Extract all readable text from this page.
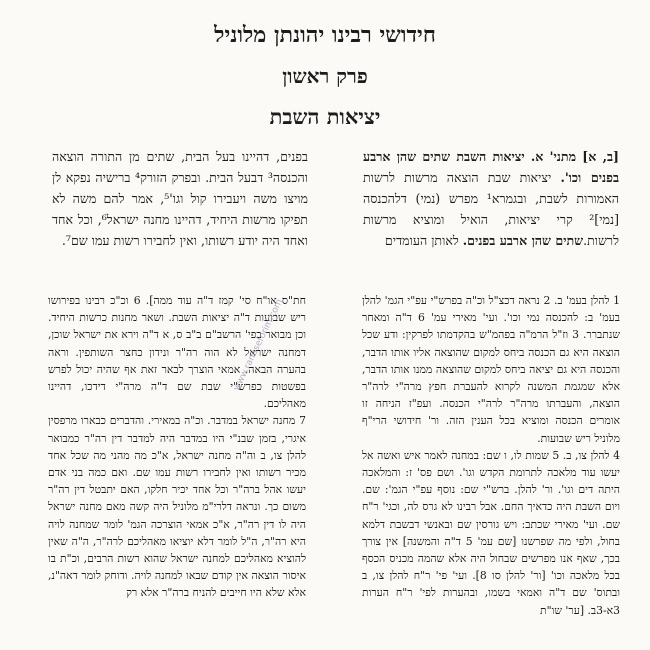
חידושי רבינו יהונתן מלוניל
פרק ראשון
יציאות השבת

[ב, א] מתני' א. יציאות השבת שתים שהן ארבע בפנים וכו'. יציאות שבת הוצאה מרשות לרשות האמורות לשבת, ובגמרא¹ מפרש (נמי) דלהכנסה [נמי]² קרי יציאות, הואיל ומוציא מרשות לרשות.שתים שהן ארבע בפנים. לאותן העומדים

בפנים, דהיינו בעל הבית, שתים מן התורה הוצאה והכנסה³ דבעל הבית. ובפרק הזורק⁴ ברישיה נפקא לן מויצו משה ויעבירו קול וגו'⁵, אמר להם משה לא תפיקו מרשות היחיד, דהיינו מחנה ישראל⁶, וכל אחד ואחד היה יודע רשותו, ואין לחבירו רשות עמו שם⁷.

1 להלן בעמ' ב. 2 נראה דכצ"ל וכ"ה בפרש"י עפ"י הגמ' להלן בעמ' ב: להכנסה נמי וכו'. ועי' מאירי עמ' 6 ד"ה ומאחר שנתברר. 3 וז"ל הרמ"ה בפהמ"ש בהקדמתו לפרקין: ודע שכל הוצאה היא גם הכנסה ביחס למקום שהוצאה אליו אותו הדבר, והכנסה היא גם יציאה ביחס למקום שהוצאה ממנו אותו הדבר, אלא שמגמת המשנה לקרוא להעברת חפץ מרה"י לרה"ר הוצאה, והעברתו מרה"ר לרה"י הכנסה. ועפ"ז הניחה זו אומרים הכנסה ומוציא בכל הענין הזה. ור' חידושי הרי"ף מלוניל ריש שבועות.

4 להלן צו, ב. 5 שמות לו, ו שם: במחנה לאמר איש ואשה אל יעשו עוד מלאכה לתרומת הקדש וגו'. ושם פס' ז: והמלאכה היתה דים וגו'. ור' להלן. ברש"י שם: נוסף עפ"י הגמ': שם. ויום השבת היה כדאיך החם. אבל רבינו לא גרס לה, וכגי' ר"ח שם. ועי' מאירי שכתב: ויש גורסין שם ובאנשי דבשבת דלמא בחול, ולפי מה שפרשנו [שם עמ' 5 ד"ה והמשנה] אין צורך בכך, שאף אנו מפרשים שבחול היה אלא שהמה מכניס הכסף בכל מלאכה וכו' [ור' להלן סו 8]. ועי' פי' ר"ח להלן צו, ב ובתוס' שם ד"ה ואמאי בשמו, ובהערות לפי' ר"ח הערות 3א-3ב. [ער' שו"ת

חת"ס או"ח סי' קמז ד"ה עוד ממה]. 6 וכ"כ רבינו בפירושו ריש שבועות ד"ה יציאות השבת. ושאר מחנות כרשות היחיד. וכן מבואר בפי' הרשב"ם ב"ב ס, א ד"ה וירא את ישראל שוכן, דמחנה ישראל לא הוה רה"ר ונידון כחצר השותפין. וראה בהערה הבאה. אמאי הוצרך לבאר זאת אף שהיה יכול לפרש בפשטות כפרש"י שבת שם ד"ה מרה"י דידכו, דהיינו מאהליכם.

7 מחנה ישראל במדבר. וכ"ה במאירי. והדברים כבארו מרפסין איגרי, בזמן שבנ"י היו במדבר היה למדבר דין רה"ר כמבואר להלן צו, ב וה"ה מחנה ישראל, א"כ מה מהני מה שכל אחד מכיר רשותו ואין לחבירו רשות עמו שם. ואם כמה בני אדם יעשו אהל ברה"ר וכל אחד יכיר חלקו, האם יתבטל דין רה"ר משום כך. ונראה דלרי"מ מלוניל היה קשה מאם מחנה ישראל היה לו דין רה"ר, א"כ אמאי הוצרכה הגמ' לומר שמחנה לויה היא רה"ר, ה"ל לומר דלא יוציאו מאהליכם לרה"ר, ה"ה שאין להוציא מאהליכם למחנה ישראל שהוא רשות הרבים, וכ"ת בו איסור הוצאה אין קודם שבאו למחנה לויה. ודוחק לומר דאה"נ, אלא שלא היו חייבים להניח ברה"ר אלא רק

www.ranaseforim.com
